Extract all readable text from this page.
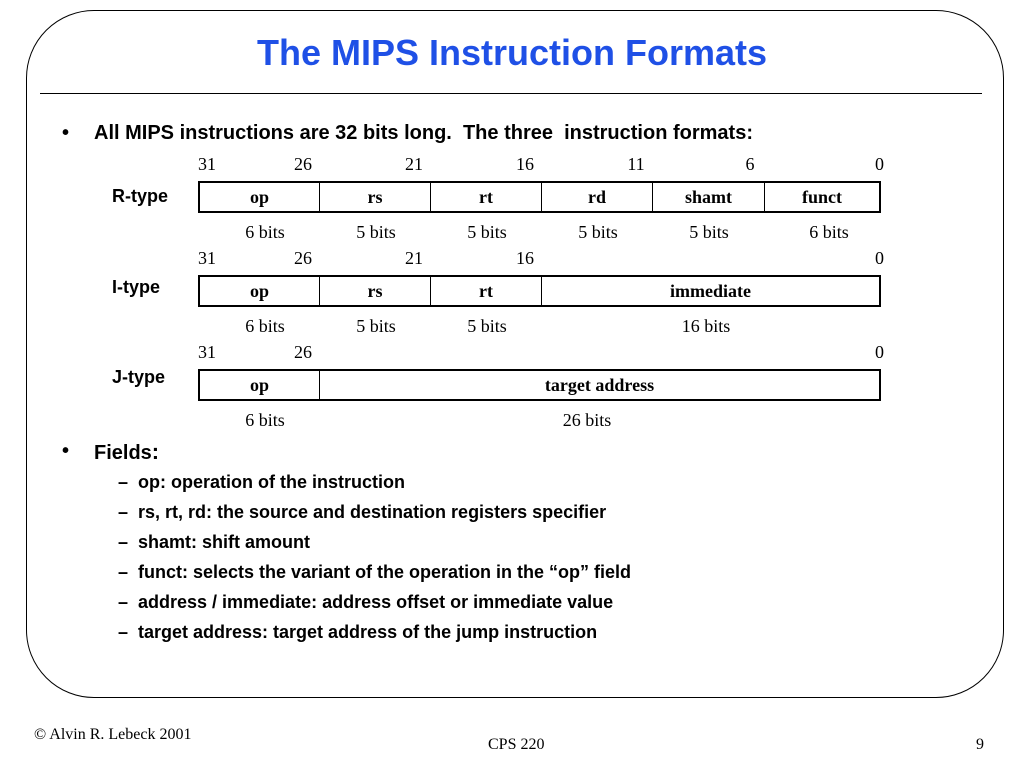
The MIPS Instruction Formats
• All MIPS instructions are 32 bits long.  The three  instruction formats:
31	26	21	16	11	6	0
R-type	op	rs	rt	rd	shamt	funct
6 bits	5 bits	5 bits	5 bits	5 bits	6 bits
31	26	21	16	0
I-type	op	rs	rt	immediate
6 bits	5 bits	5 bits	16 bits
31	26	0
J-type	op	target address
6 bits	26 bits
• Fields:
– op: operation of the instruction
– rs, rt, rd: the source and destination registers specifier
– shamt: shift amount
– funct: selects the variant of the operation in the “op” field
– address / immediate: address offset or immediate value
– target address: target address of the jump instruction
© Alvin R. Lebeck 2001
CPS 220	9
